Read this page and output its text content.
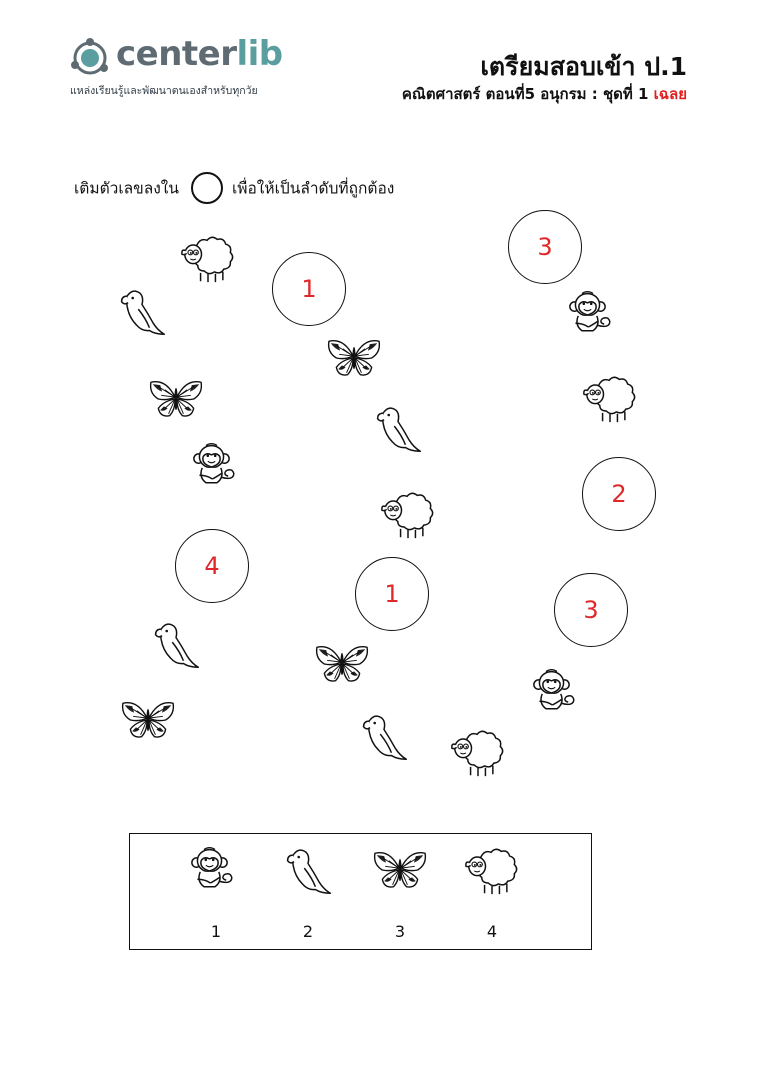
centerlib
แหล่งเรียนรู้และพัฒนาตนเองสำหรับทุกวัย
เตรียมสอบเข้า ป.1
คณิตศาสตร์ ตอนที่5 อนุกรม : ชุดที่ 1 เฉลย
เติมตัวเลขลงใน	เพื่อให้เป็นลำดับที่ถูกต้อง
1
3
2
4
1
3
1	2	3	4
